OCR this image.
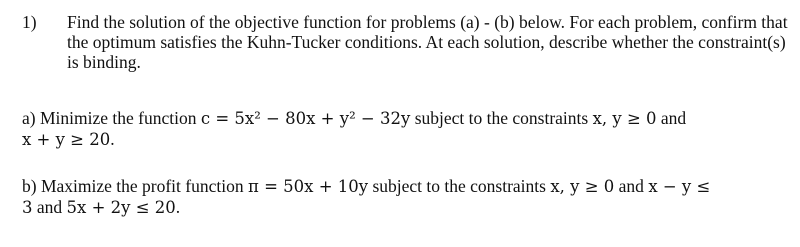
1)	Find the solution of the objective function for problems (a) - (b) below. For each problem, confirm that the optimum satisfies the Kuhn-Tucker conditions. At each solution, describe whether the constraint(s) is binding.
a) Minimize the function c = 5x² − 80x + y² − 32y subject to the constraints x, y ≥ 0 and
x + y ≥ 20.
b) Maximize the profit function π = 50x + 10y subject to the constraints x, y ≥ 0 and x − y ≤
3 and 5x + 2y ≤ 20.
